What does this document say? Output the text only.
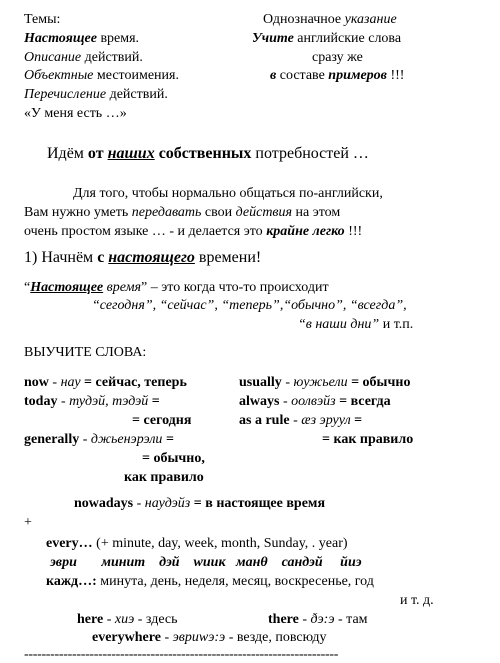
Темы:
Настоящее время.
Описание действий.
Объектные местоимения.
Перечисление действий.
«У меня есть …»
Однозначное указание
Учите английские слова
сразу же
в составе примеров !!!
Идём от наших собственных потребностей …
Для того, чтобы нормально общаться по-английски,
Вам нужно уметь передавать свои действия на этом
очень простом языке … - и делается это крайне легко !!!
1) Начнём с настоящего времени!
“Настоящее время” – это когда что-то происходит
“сегодня”, “сейчас”, “теперь”,“обычно”, “всегда”,
“в наши дни” и т.п.
ВЫУЧИТЕ СЛОВА:
now - нау = сейчас, теперь	usually - юужьели = обычно
today - тудэй, тэдэй =	always - оолвэйз = всегда
= сегодня	as a rule - æз эруул =
generally - джьенэрэли =	= как правило
= обычно,
как правило
nowadays - наудэйз = в настоящее время
+
every… (+ minute, day, week, month, Sunday, . year)
эври       минит    дэй    wиик   манθ    сандэй     йиэ
кажд…: минута, день, неделя, месяц, воскресенье, год
и т. д.
here - хиэ - здесь	there - ðэ:э - там
everywhere - эвриwэ:э - везде, повсюду
------------------------------------------------------------------------
